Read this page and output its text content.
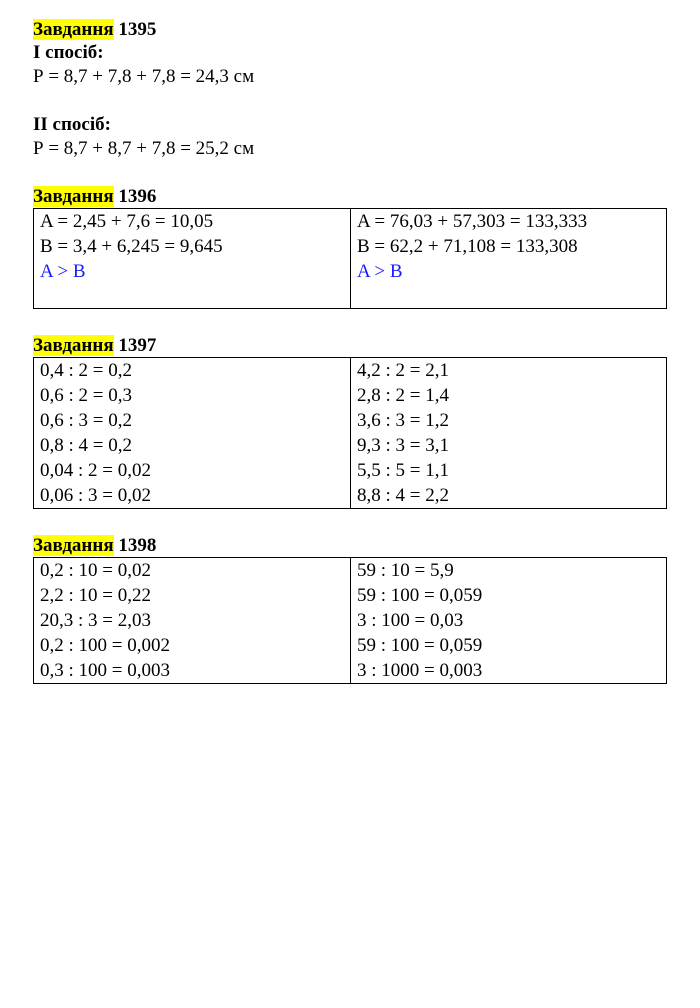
Завдання 1395

І спосіб:

Р = 8,7 + 7,8 + 7,8 = 24,3 см

ІІ спосіб:

Р = 8,7 + 8,7 + 7,8 = 25,2 см

Завдання 1396

A = 2,45 + 7,6 = 10,05
B = 3,4 + 6,245 = 9,645
A > B

A = 76,03 + 57,303 = 133,333
B = 62,2 + 71,108 = 133,308
A > B

Завдання 1397

0,4 : 2 = 0,2
0,6 : 2 = 0,3
0,6 : 3 = 0,2
0,8 : 4 = 0,2
0,04 : 2 = 0,02
0,06 : 3 = 0,02

4,2 : 2 = 2,1
2,8 : 2 = 1,4
3,6 : 3 = 1,2
9,3 : 3 = 3,1
5,5 : 5 = 1,1
8,8 : 4 = 2,2

Завдання 1398

0,2 : 10 = 0,02
2,2 : 10 = 0,22
20,3 : 3 = 2,03
0,2 : 100 = 0,002
0,3 : 100 = 0,003

59 : 10 = 5,9
59 : 100 = 0,059
3 : 100 = 0,03
59 : 100 = 0,059
3 : 1000 = 0,003
